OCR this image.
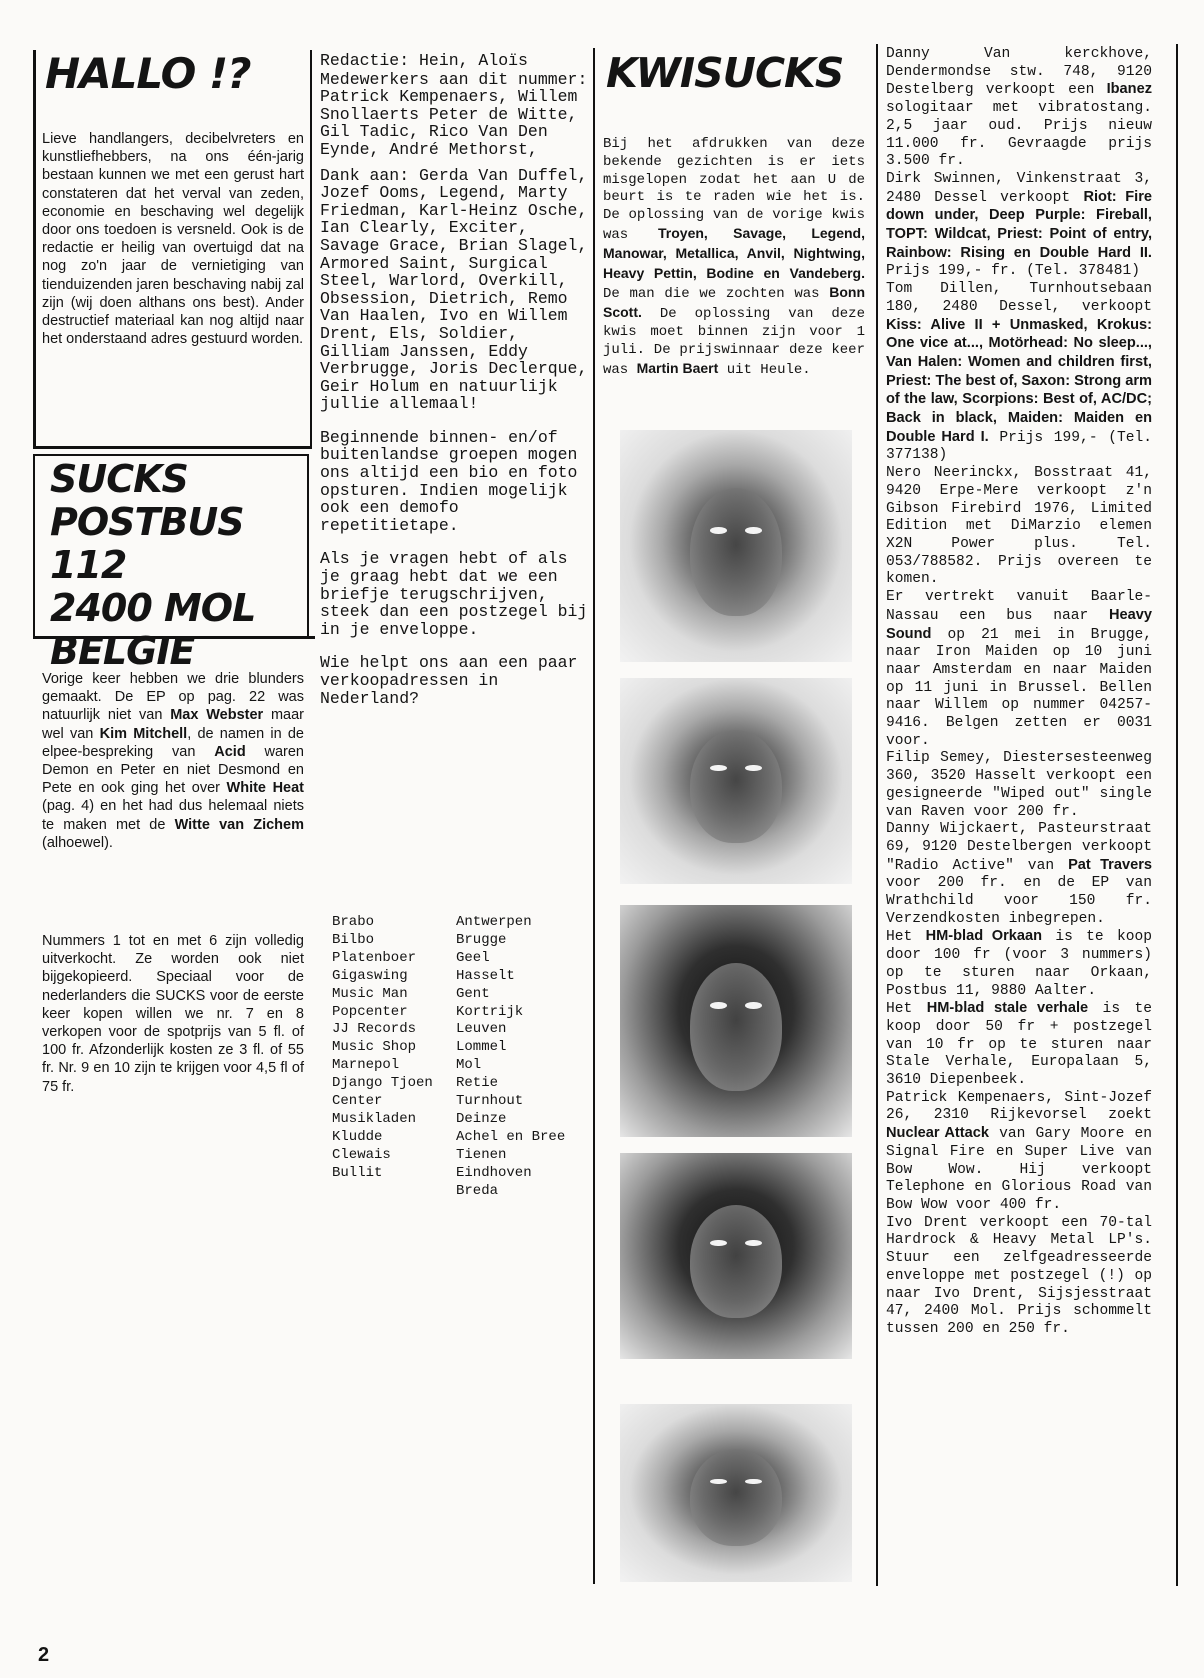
HALLO !?

Lieve handlangers, decibelvreters en kunstliefhebbers, na ons één-jarig bestaan kunnen we met een gerust hart constateren dat het verval van zeden, economie en beschaving wel degelijk door ons toedoen is versneld. Ook is de redactie er heilig van overtuigd dat na nog zo'n jaar de vernietiging van tienduizenden jaren beschaving nabij zal zijn (wij doen althans ons best). Ander destructief materiaal kan nog altijd naar het onderstaand adres gestuurd worden.

SUCKS
POSTBUS 112
2400 MOL
BELGIE

Vorige keer hebben we drie blunders gemaakt. De EP op pag. 22 was natuurlijk niet van Max Webster maar wel van Kim Mitchell, de namen in de elpee-bespreking van Acid waren Demon en Peter en niet Desmond en Pete en ook ging het over White Heat (pag. 4) en het had dus helemaal niets te maken met de Witte van Zichem (alhoewel).

Nummers 1 tot en met 6 zijn volledig uitverkocht. Ze worden ook niet bijgekopieerd. Speciaal voor de nederlanders die SUCKS voor de eerste keer kopen willen we nr. 7 en 8 verkopen voor de spotprijs van 5 fl. of 100 fr. Afzonderlijk kosten ze 3 fl. of 55 fr. Nr. 9 en 10 zijn te krijgen voor 4,5 fl of 75 fr.

Redactie: Hein, Aloïs

Medewerkers aan dit nummer: Patrick Kempenaers, Willem Snollaerts Peter de Witte, Gil Tadic, Rico Van Den Eynde, André Methorst,

Dank aan: Gerda Van Duffel, Jozef Ooms, Legend, Marty Friedman, Karl-Heinz Osche, Ian Clearly, Exciter, Savage Grace, Brian Slagel, Armored Saint, Surgical Steel, Warlord, Overkill, Obsession, Dietrich, Remo Van Haalen, Ivo en Willem Drent, Els, Soldier, Gilliam Janssen, Eddy Verbrugge, Joris Declerque, Geir Holum en natuurlijk jullie allemaal!

Beginnende binnen- en/of buitenlandse groepen mogen ons altijd een bio en foto opsturen. Indien mogelijk ook een demofo repetitietape.

Als je vragen hebt of als je graag hebt dat we een briefje terugschrijven, steek dan een postzegel bij in je enveloppe.

Wie helpt ons aan een paar verkoopadressen in Nederland?

Brabo
Bilbo
Platenboer
Gigaswing
Music Man
Popcenter
JJ Records
Music Shop
Marnepol
Django Tjoen
Center
Musikladen
Kludde
Clewais
Bullit

Antwerpen
Brugge
Geel
Hasselt
Gent
Kortrijk
Leuven
Lommel
Mol
Retie
Turnhout
Deinze
Achel en Bree
Tienen
Eindhoven
Breda
KWISUCKS

Bij het afdrukken van deze bekende gezichten is er iets misgelopen zodat het aan U de beurt is te raden wie het is. De oplossing van de vorige kwis was Troyen, Savage, Legend, Manowar, Metallica, Anvil, Nightwing, Heavy Pettin, Bodine en Vandeberg. De man die we zochten was Bonn Scott. De oplossing van deze kwis moet binnen zijn voor 1 juli. De prijswinnaar deze keer was Martin Baert uit Heule.

Danny Van kerckhove, Dendermondse stw. 748, 9120 Destelberg verkoopt een Ibanez sologitaar met vibratostang. 2,5 jaar oud. Prijs nieuw 11.000 fr. Gevraagde prijs 3.500 fr.

Dirk Swinnen, Vinkenstraat 3, 2480 Dessel verkoopt Riot: Fire down under, Deep Purple: Fireball, TOPT: Wildcat, Priest: Point of entry, Rainbow: Rising en Double Hard II. Prijs 199,- fr. (Tel. 378481)

Tom Dillen, Turnhoutsebaan 180, 2480 Dessel, verkoopt Kiss: Alive II + Unmasked, Krokus: One vice at..., Motörhead: No sleep..., Van Halen: Women and children first, Priest: The best of, Saxon: Strong arm of the law, Scorpions: Best of, AC/DC; Back in black, Maiden: Maiden en Double Hard I. Prijs 199,- (Tel. 377138)

Nero Neerinckx, Bosstraat 41, 9420 Erpe-Mere verkoopt z'n Gibson Firebird 1976, Limited Edition met DiMarzio elemen X2N Power plus. Tel. 053/788582. Prijs overeen te komen.

Er vertrekt vanuit Baarle-Nassau een bus naar Heavy Sound op 21 mei in Brugge, naar Iron Maiden op 10 juni naar Amsterdam en naar Maiden op 11 juni in Brussel. Bellen naar Willem op nummer 04257-9416. Belgen zetten er 0031 voor.

Filip Semey, Diestersesteenweg 360, 3520 Hasselt verkoopt een gesigneerde "Wiped out" single van Raven voor 200 fr.

Danny Wijckaert, Pasteurstraat 69, 9120 Destelbergen verkoopt "Radio Active" van Pat Travers voor 200 fr. en de EP van Wrathchild voor 150 fr. Verzendkosten inbegrepen.

Het HM-blad Orkaan is te koop door 100 fr (voor 3 nummers) op te sturen naar Orkaan, Postbus 11, 9880 Aalter.

Het HM-blad stale verhale is te koop door 50 fr + postzegel van 10 fr op te sturen naar Stale Verhale, Europalaan 5, 3610 Diepenbeek.

Patrick Kempenaers, Sint-Jozef 26, 2310 Rijkevorsel zoekt Nuclear Attack van Gary Moore en Signal Fire en Super Live van Bow Wow. Hij verkoopt Telephone en Glorious Road van Bow Wow voor 400 fr.

Ivo Drent verkoopt een 70-tal Hardrock & Heavy Metal LP's. Stuur een zelfgeadresseerde enveloppe met postzegel (!) op naar Ivo Drent, Sijsjesstraat 47, 2400 Mol. Prijs schommelt tussen 200 en 250 fr.

2
